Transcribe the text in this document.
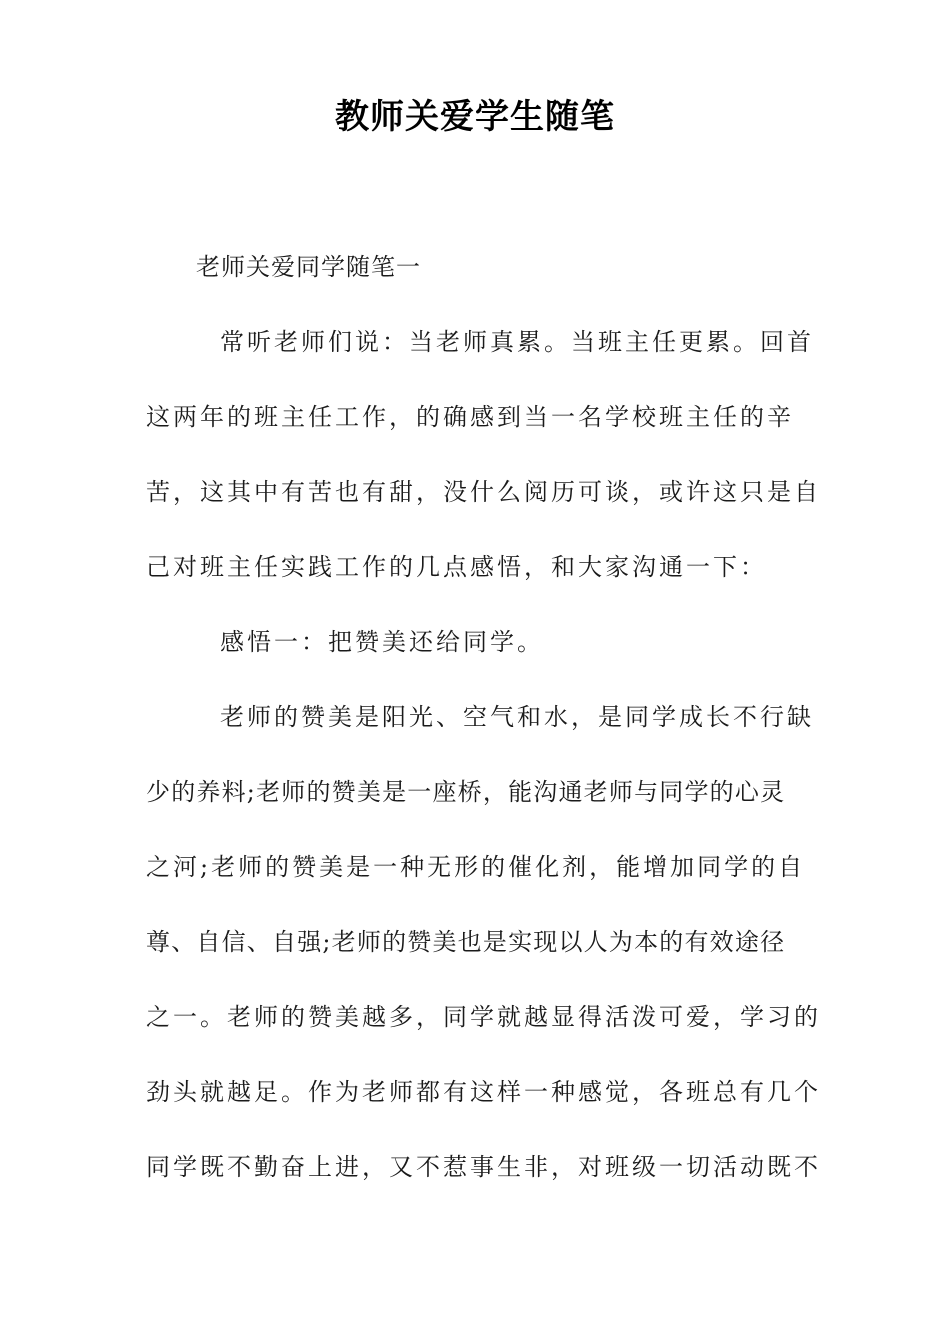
教师关爱学生随笔
老师关爱同学随笔一
常听老师们说：当老师真累。当班主任更累。回首
这两年的班主任工作，的确感到当一名学校班主任的辛
苦，这其中有苦也有甜，没什么阅历可谈，或许这只是自
己对班主任实践工作的几点感悟，和大家沟通一下：
感悟一：把赞美还给同学。
老师的赞美是阳光、空气和水，是同学成长不行缺
少的养料;老师的赞美是一座桥，能沟通老师与同学的心灵
之河;老师的赞美是一种无形的催化剂，能增加同学的自
尊、自信、自强;老师的赞美也是实现以人为本的有效途径
之一。老师的赞美越多，同学就越显得活泼可爱，学习的
劲头就越足。作为老师都有这样一种感觉，各班总有几个
同学既不勤奋上进，又不惹事生非，对班级一切活动既不
